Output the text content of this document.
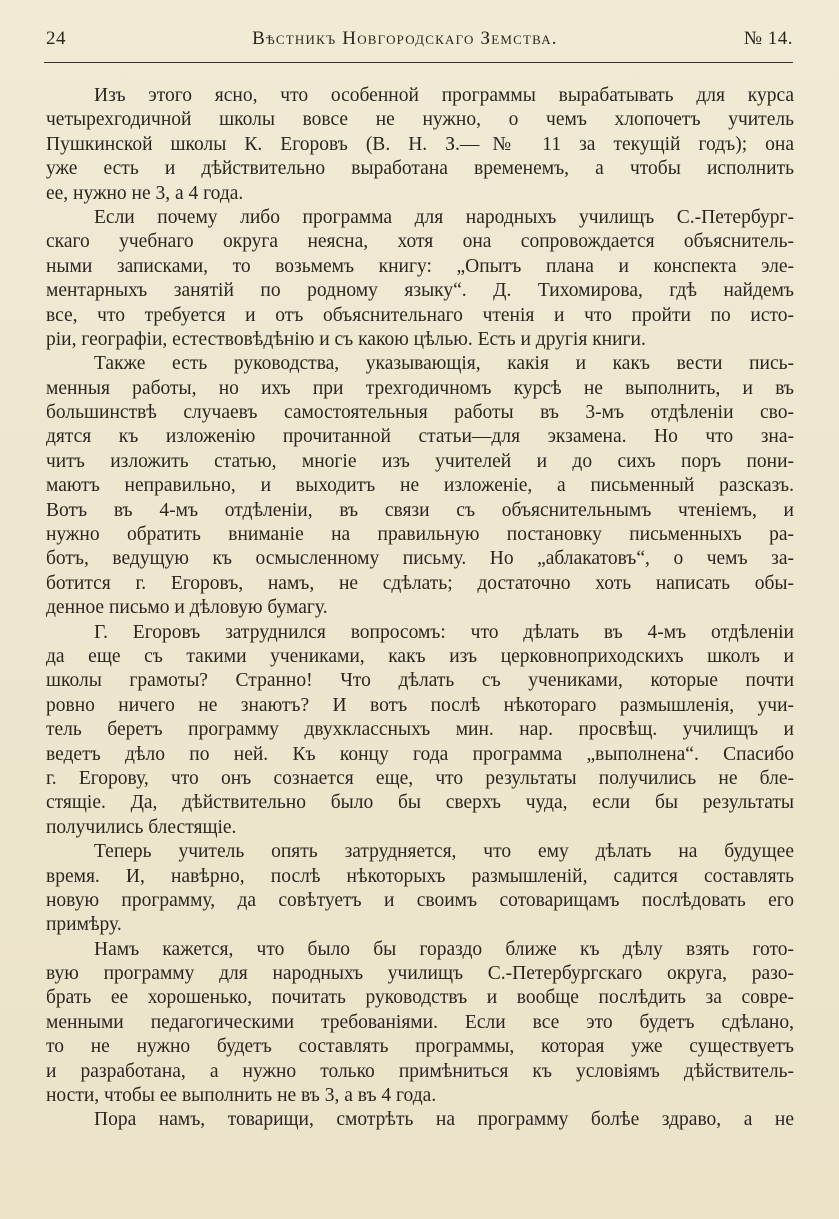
24	Вѣстникъ Новгородскаго Земства.	№ 14.
Изъ этого ясно, что особенной программы вырабатывать для курса
четырехгодичной школы вовсе не нужно, о чемъ хлопочетъ учитель
Пушкинской школы К. Егоровъ (В. Н. З.—№ 11 за текущій годъ); она
уже есть и дѣйствительно выработана временемъ, а чтобы исполнить
ее, нужно не 3, а 4 года.
Если почему либо программа для народныхъ училищъ С.-Петербург-
скаго учебнаго округа неясна, хотя она сопровождается объяснитель-
ными записками, то возьмемъ книгу: „Опытъ плана и конспекта эле-
ментарныхъ занятій по родному языку“. Д. Тихомирова, гдѣ найдемъ
все, что требуется и отъ объяснительнаго чтенія и что пройти по исто-
ріи, географіи, естествовѣдѣнію и съ какою цѣлью. Есть и другія книги.
Также есть руководства, указывающія, какія и какъ вести пись-
менныя работы, но ихъ при трехгодичномъ курсѣ не выполнить, и въ
большинствѣ случаевъ самостоятельныя работы въ 3-мъ отдѣленіи сво-
дятся къ изложенію прочитанной статьи—для экзамена. Но что зна-
читъ изложить статью, многіе изъ учителей и до сихъ поръ пони-
маютъ неправильно, и выходитъ не изложеніе, а письменный разсказъ.
Вотъ въ 4-мъ отдѣленіи, въ связи съ объяснительнымъ чтеніемъ, и
нужно обратить вниманіе на правильную постановку письменныхъ ра-
ботъ, ведущую къ осмысленному письму. Но „аблакатовъ“, о чемъ за-
ботится г. Егоровъ, намъ, не сдѣлать; достаточно хоть написать обы-
денное письмо и дѣловую бумагу.
Г. Егоровъ затруднился вопросомъ: что дѣлать въ 4-мъ отдѣленіи
да еще съ такими учениками, какъ изъ церковноприходскихъ школъ и
школы грамоты? Странно! Что дѣлать съ учениками, которые почти
ровно ничего не знаютъ? И вотъ послѣ нѣкотораго размышленія, учи-
тель беретъ программу двухклассныхъ мин. нар. просвѣщ. училищъ и
ведетъ дѣло по ней. Къ концу года программа „выполнена“. Спасибо
г. Егорову, что онъ сознается еще, что результаты получились не бле-
стящіе. Да, дѣйствительно было бы сверхъ чуда, если бы результаты
получились блестящіе.
Теперь учитель опять затрудняется, что ему дѣлать на будущее
время. И, навѣрно, послѣ нѣкоторыхъ размышленій, садится составлять
новую программу, да совѣтуетъ и своимъ сотоварищамъ послѣдовать его
примѣру.
Намъ кажется, что было бы гораздо ближе къ дѣлу взять гото-
вую программу для народныхъ училищъ С.-Петербургскаго округа, разо-
брать ее хорошенько, почитать руководствъ и вообще послѣдить за совре-
менными педагогическими требованіями. Если все это будетъ сдѣлано,
то не нужно будетъ составлять программы, которая уже существуетъ
и разработана, а нужно только примѣниться къ условіямъ дѣйствитель-
ности, чтобы ее выполнить не въ 3, а въ 4 года.
Пора намъ, товарищи, смотрѣть на программу болѣе здраво, а не
